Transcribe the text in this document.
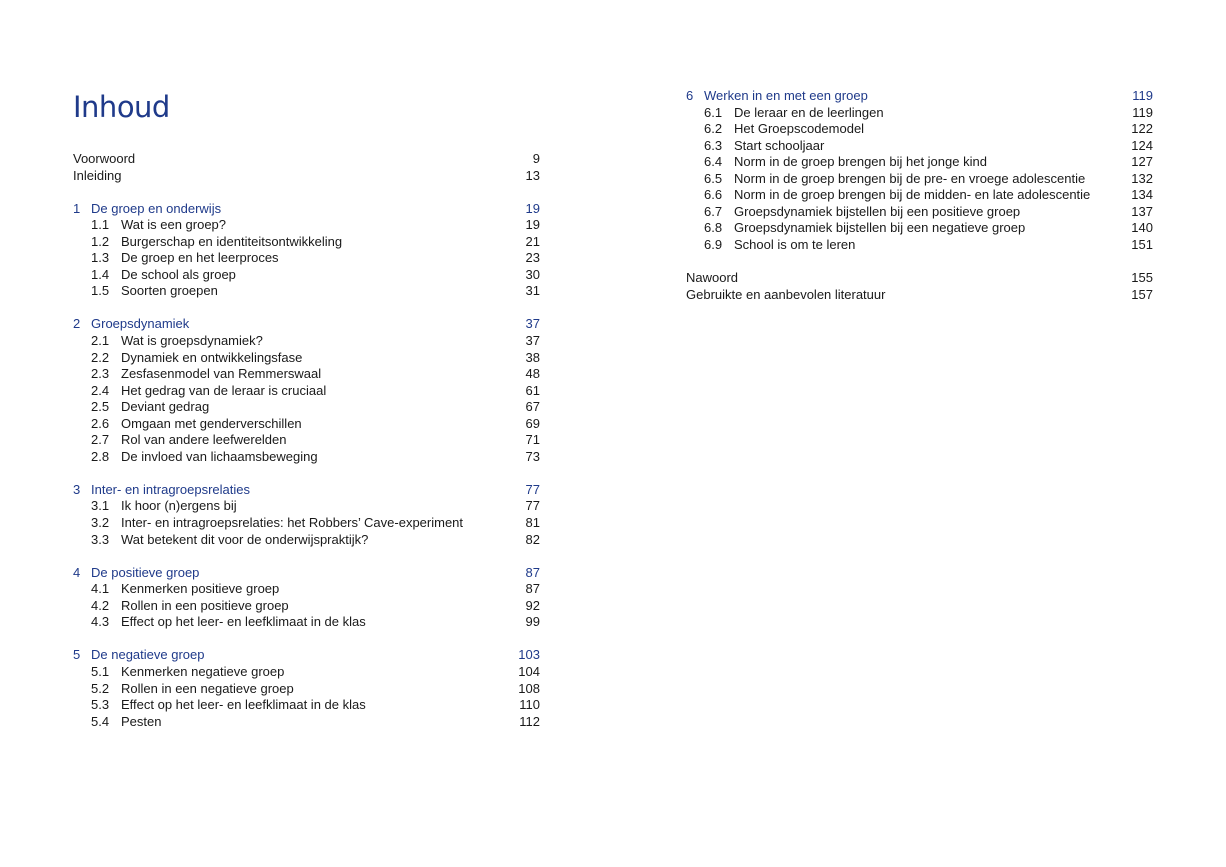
Inhoud
Voorwoord	9
Inleiding	13
1 De groep en onderwijs	19
1.1 Wat is een groep?	19
1.2 Burgerschap en identiteitsontwikkeling	21
1.3 De groep en het leerproces	23
1.4 De school als groep	30
1.5 Soorten groepen	31
2 Groepsdynamiek	37
2.1 Wat is groepsdynamiek?	37
2.2 Dynamiek en ontwikkelingsfase	38
2.3 Zesfasenmodel van Remmerswaal	48
2.4 Het gedrag van de leraar is cruciaal	61
2.5 Deviant gedrag	67
2.6 Omgaan met genderverschillen	69
2.7 Rol van andere leefwerelden	71
2.8 De invloed van lichaamsbeweging	73
3 Inter- en intragroepsrelaties	77
3.1 Ik hoor (n)ergens bij	77
3.2 Inter- en intragroepsrelaties: het Robbers’ Cave-experiment	81
3.3 Wat betekent dit voor de onderwijspraktijk?	82
4 De positieve groep	87
4.1 Kenmerken positieve groep	87
4.2 Rollen in een positieve groep	92
4.3 Effect op het leer- en leefklimaat in de klas	99
5 De negatieve groep	103
5.1 Kenmerken negatieve groep	104
5.2 Rollen in een negatieve groep	108
5.3 Effect op het leer- en leefklimaat in de klas	110
5.4 Pesten	112
6 Werken in en met een groep	119
6.1 De leraar en de leerlingen	119
6.2 Het Groepscodemodel	122
6.3 Start schooljaar	124
6.4 Norm in de groep brengen bij het jonge kind	127
6.5 Norm in de groep brengen bij de pre- en vroege adolescentie	132
6.6 Norm in de groep brengen bij de midden- en late adolescentie	134
6.7 Groepsdynamiek bijstellen bij een positieve groep	137
6.8 Groepsdynamiek bijstellen bij een negatieve groep	140
6.9 School is om te leren	151
Nawoord	155
Gebruikte en aanbevolen literatuur	157
